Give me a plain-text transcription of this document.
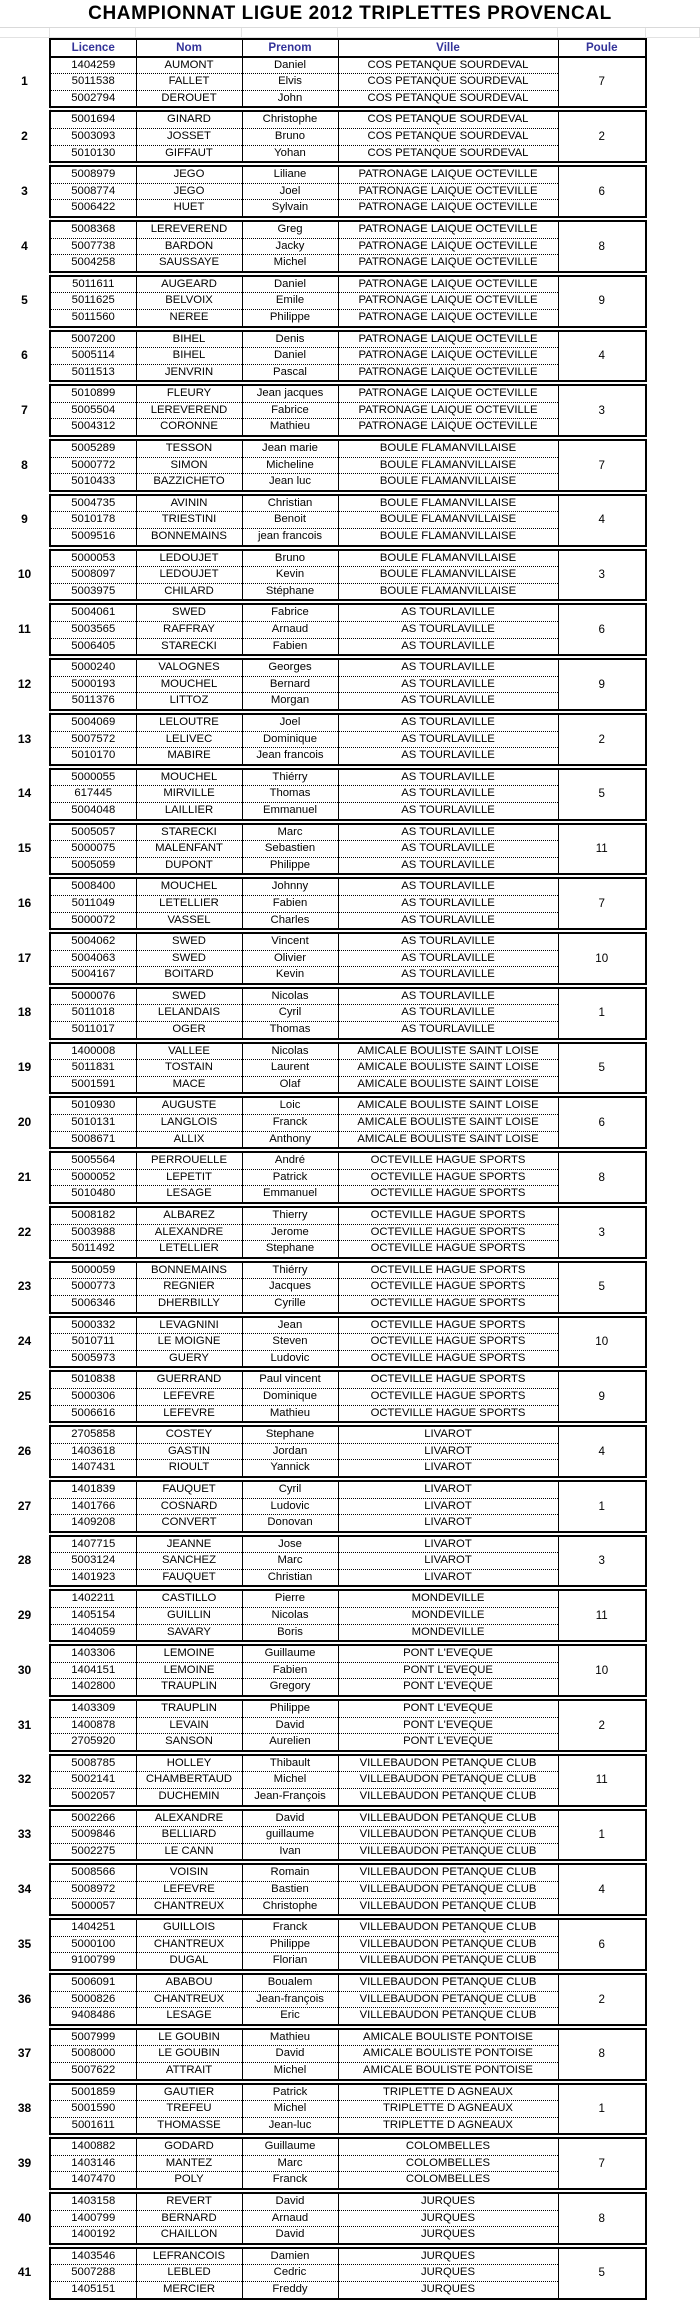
CHAMPIONNAT LIGUE 2012 TRIPLETTES PROVENCAL
	Licence	Nom	Prenom	Ville	Poule	
1	1404259	AUMONT	Daniel	COS PETANQUE SOURDEVAL	7	
	5011538	FALLET	Elvis	COS PETANQUE SOURDEVAL		
	5002794	DEROUET	John	COS PETANQUE SOURDEVAL		

2	5001694	GINARD	Christophe	COS PETANQUE SOURDEVAL	2	
	5003093	JOSSET	Bruno	COS PETANQUE SOURDEVAL		
	5010130	GIFFAUT	Yohan	COS PETANQUE SOURDEVAL		

3	5008979	JEGO	Liliane	PATRONAGE LAIQUE OCTEVILLE	6	
	5008774	JEGO	Joel	PATRONAGE LAIQUE OCTEVILLE		
	5006422	HUET	Sylvain	PATRONAGE LAIQUE OCTEVILLE		

4	5008368	LEREVEREND	Greg	PATRONAGE LAIQUE OCTEVILLE	8	
	5007738	BARDON	Jacky	PATRONAGE LAIQUE OCTEVILLE		
	5004258	SAUSSAYE	Michel	PATRONAGE LAIQUE OCTEVILLE		

5	5011611	AUGEARD	Daniel	PATRONAGE LAIQUE OCTEVILLE	9	
	5011625	BELVOIX	Emile	PATRONAGE LAIQUE OCTEVILLE		
	5011560	NEREE	Philippe	PATRONAGE LAIQUE OCTEVILLE		

6	5007200	BIHEL	Denis	PATRONAGE LAIQUE OCTEVILLE	4	
	5005114	BIHEL	Daniel	PATRONAGE LAIQUE OCTEVILLE		
	5011513	JENVRIN	Pascal	PATRONAGE LAIQUE OCTEVILLE		

7	5010899	FLEURY	Jean jacques	PATRONAGE LAIQUE OCTEVILLE	3	
	5005504	LEREVEREND	Fabrice	PATRONAGE LAIQUE OCTEVILLE		
	5004312	CORONNE	Mathieu	PATRONAGE LAIQUE OCTEVILLE		

8	5005289	TESSON	Jean marie	BOULE FLAMANVILLAISE	7	
	5000772	SIMON	Micheline	BOULE FLAMANVILLAISE		
	5010433	BAZZICHETO	Jean luc	BOULE FLAMANVILLAISE		

9	5004735	AVININ	Christian	BOULE FLAMANVILLAISE	4	
	5010178	TRIESTINI	Benoit	BOULE FLAMANVILLAISE		
	5009516	BONNEMAINS	jean francois	BOULE FLAMANVILLAISE		

10	5000053	LEDOUJET	Bruno	BOULE FLAMANVILLAISE	3	
	5008097	LEDOUJET	Kevin	BOULE FLAMANVILLAISE		
	5003975	CHILARD	Stéphane	BOULE FLAMANVILLAISE		

11	5004061	SWED	Fabrice	AS TOURLAVILLE	6	
	5003565	RAFFRAY	Arnaud	AS TOURLAVILLE		
	5006405	STARECKI	Fabien	AS TOURLAVILLE		

12	5000240	VALOGNES	Georges	AS TOURLAVILLE	9	
	5000193	MOUCHEL	Bernard	AS TOURLAVILLE		
	5011376	LITTOZ	Morgan	AS TOURLAVILLE		

13	5004069	LELOUTRE	Joel	AS TOURLAVILLE	2	
	5007572	LELIVEC	Dominique	AS TOURLAVILLE		
	5010170	MABIRE	Jean francois	AS TOURLAVILLE		

14	5000055	MOUCHEL	Thiérry	AS TOURLAVILLE	5	
	617445	MIRVILLE	Thomas	AS TOURLAVILLE		
	5004048	LAILLIER	Emmanuel	AS TOURLAVILLE		

15	5005057	STARECKI	Marc	AS TOURLAVILLE	11	
	5000075	MALENFANT	Sebastien	AS TOURLAVILLE		
	5005059	DUPONT	Philippe	AS TOURLAVILLE		

16	5008400	MOUCHEL	Johnny	AS TOURLAVILLE	7	
	5011049	LETELLIER	Fabien	AS TOURLAVILLE		
	5000072	VASSEL	Charles	AS TOURLAVILLE		

17	5004062	SWED	Vincent	AS TOURLAVILLE	10	
	5004063	SWED	Olivier	AS TOURLAVILLE		
	5004167	BOITARD	Kevin	AS TOURLAVILLE		

18	5000076	SWED	Nicolas	AS TOURLAVILLE	1	
	5011018	LELANDAIS	Cyril	AS TOURLAVILLE		
	5011017	OGER	Thomas	AS TOURLAVILLE		

19	1400008	VALLEE	Nicolas	AMICALE BOULISTE SAINT LOISE	5	
	5011831	TOSTAIN	Laurent	AMICALE BOULISTE SAINT LOISE		
	5001591	MACE	Olaf	AMICALE BOULISTE SAINT LOISE		

20	5010930	AUGUSTE	Loic	AMICALE BOULISTE SAINT LOISE	6	
	5010131	LANGLOIS	Franck	AMICALE BOULISTE SAINT LOISE		
	5008671	ALLIX	Anthony	AMICALE BOULISTE SAINT LOISE		

21	5005564	PERROUELLE	André	OCTEVILLE HAGUE SPORTS	8	
	5000052	LEPETIT	Patrick	OCTEVILLE HAGUE SPORTS		
	5010480	LESAGE	Emmanuel	OCTEVILLE HAGUE SPORTS		

22	5008182	ALBAREZ	Thierry	OCTEVILLE HAGUE SPORTS	3	
	5003988	ALEXANDRE	Jerome	OCTEVILLE HAGUE SPORTS		
	5011492	LETELLIER	Stephane	OCTEVILLE HAGUE SPORTS		

23	5000059	BONNEMAINS	Thiérry	OCTEVILLE HAGUE SPORTS	5	
	5000773	REGNIER	Jacques	OCTEVILLE HAGUE SPORTS		
	5006346	DHERBILLY	Cyrille	OCTEVILLE HAGUE SPORTS		

24	5000332	LEVAGNINI	Jean	OCTEVILLE HAGUE SPORTS	10	
	5010711	LE MOIGNE	Steven	OCTEVILLE HAGUE SPORTS		
	5005973	GUERY	Ludovic	OCTEVILLE HAGUE SPORTS		

25	5010838	GUERRAND	Paul vincent	OCTEVILLE HAGUE SPORTS	9	
	5000306	LEFEVRE	Dominique	OCTEVILLE HAGUE SPORTS		
	5006616	LEFEVRE	Mathieu	OCTEVILLE HAGUE SPORTS		

26	2705858	COSTEY	Stephane	LIVAROT	4	
	1403618	GASTIN	Jordan	LIVAROT		
	1407431	RIOULT	Yannick	LIVAROT		

27	1401839	FAUQUET	Cyril	LIVAROT	1	
	1401766	COSNARD	Ludovic	LIVAROT		
	1409208	CONVERT	Donovan	LIVAROT		

28	1407715	JEANNE	Jose	LIVAROT	3	
	5003124	SANCHEZ	Marc	LIVAROT		
	1401923	FAUQUET	Christian	LIVAROT		

29	1402211	CASTILLO	Pierre	MONDEVILLE	11	
	1405154	GUILLIN	Nicolas	MONDEVILLE		
	1404059	SAVARY	Boris	MONDEVILLE		

30	1403306	LEMOINE	Guillaume	PONT L'EVEQUE	10	
	1404151	LEMOINE	Fabien	PONT L'EVEQUE		
	1402800	TRAUPLIN	Gregory	PONT L'EVEQUE		

31	1403309	TRAUPLIN	Philippe	PONT L'EVEQUE	2	
	1400878	LEVAIN	David	PONT L'EVEQUE		
	2705920	SANSON	Aurelien	PONT L'EVEQUE		

32	5008785	HOLLEY	Thibault	VILLEBAUDON PETANQUE CLUB	11	
	5002141	CHAMBERTAUD	Michel	VILLEBAUDON PETANQUE CLUB		
	5002057	DUCHEMIN	Jean-François	VILLEBAUDON PETANQUE CLUB		

33	5002266	ALEXANDRE	David	VILLEBAUDON PETANQUE CLUB	1	
	5009846	BELLIARD	guillaume	VILLEBAUDON PETANQUE CLUB		
	5002275	LE CANN	Ivan	VILLEBAUDON PETANQUE CLUB		

34	5008566	VOISIN	Romain	VILLEBAUDON PETANQUE CLUB	4	
	5008972	LEFEVRE	Bastien	VILLEBAUDON PETANQUE CLUB		
	5000057	CHANTREUX	Christophe	VILLEBAUDON PETANQUE CLUB		

35	1404251	GUILLOIS	Franck	VILLEBAUDON PETANQUE CLUB	6	
	5000100	CHANTREUX	Philippe	VILLEBAUDON PETANQUE CLUB		
	9100799	DUGAL	Florian	VILLEBAUDON PETANQUE CLUB		

36	5006091	ABABOU	Boualem	VILLEBAUDON PETANQUE CLUB	2	
	5000826	CHANTREUX	Jean-françois	VILLEBAUDON PETANQUE CLUB		
	9408486	LESAGE	Eric	VILLEBAUDON PETANQUE CLUB		

37	5007999	LE GOUBIN	Mathieu	AMICALE BOULISTE PONTOISE	8	
	5008000	LE GOUBIN	David	AMICALE BOULISTE PONTOISE		
	5007622	ATTRAIT	Michel	AMICALE BOULISTE PONTOISE		

38	5001859	GAUTIER	Patrick	TRIPLETTE D AGNEAUX	1	
	5001590	TREFEU	Michel	TRIPLETTE D AGNEAUX		
	5001611	THOMASSE	Jean-luc	TRIPLETTE D AGNEAUX		

39	1400882	GODARD	Guillaume	COLOMBELLES	7	
	1403146	MANTEZ	Marc	COLOMBELLES		
	1407470	POLY	Franck	COLOMBELLES		

40	1403158	REVERT	David	JURQUES	8	
	1400799	BERNARD	Arnaud	JURQUES		
	1400192	CHAILLON	David	JURQUES		

41	1403546	LEFRANCOIS	Damien	JURQUES	5	
	5007288	LEBLED	Cedric	JURQUES		
	1405151	MERCIER	Freddy	JURQUES		
